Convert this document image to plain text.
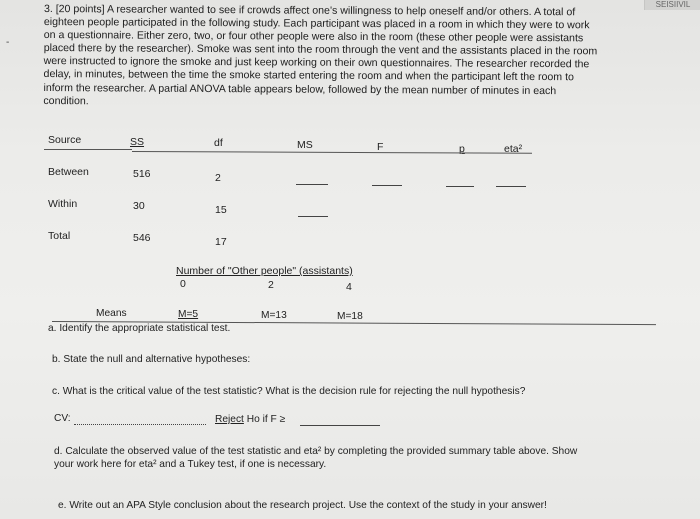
SEISIIVIL
-
3. [20 points] A researcher wanted to see if crowds affect one's willingness to help oneself and/or others. A total of
eighteen people participated in the following study. Each participant was placed in a room in which they were to work
on a questionnaire. Either zero, two, or four other people were also in the room (these other people were assistants
placed there by the researcher). Smoke was sent into the room through the vent and the assistants placed in the room
were instructed to ignore the smoke and just keep working on their own questionnaires. The researcher recorded the
delay, in minutes, between the time the smoke started entering the room and when the participant left the room to
inform the researcher. A partial ANOVA table appears below, followed by the mean number of minutes in each
condition.
Source	SS	df	MS	F	p	eta²
Between	516	2
Within	30	15
Total	546	17
Number of "Other people" (assistants)
0	2	4
Means	M=5	M=13	M=18
a. Identify the appropriate statistical test.
b. State the null and alternative hypotheses:
c. What is the critical value of the test statistic? What is the decision rule for rejecting the null hypothesis?
CV:	Reject Ho if F ≥
d. Calculate the observed value of the test statistic and eta² by completing the provided summary table above. Show
your work here for eta² and a Tukey test, if one is necessary.
e. Write out an APA Style conclusion about the research project. Use the context of the study in your answer!
